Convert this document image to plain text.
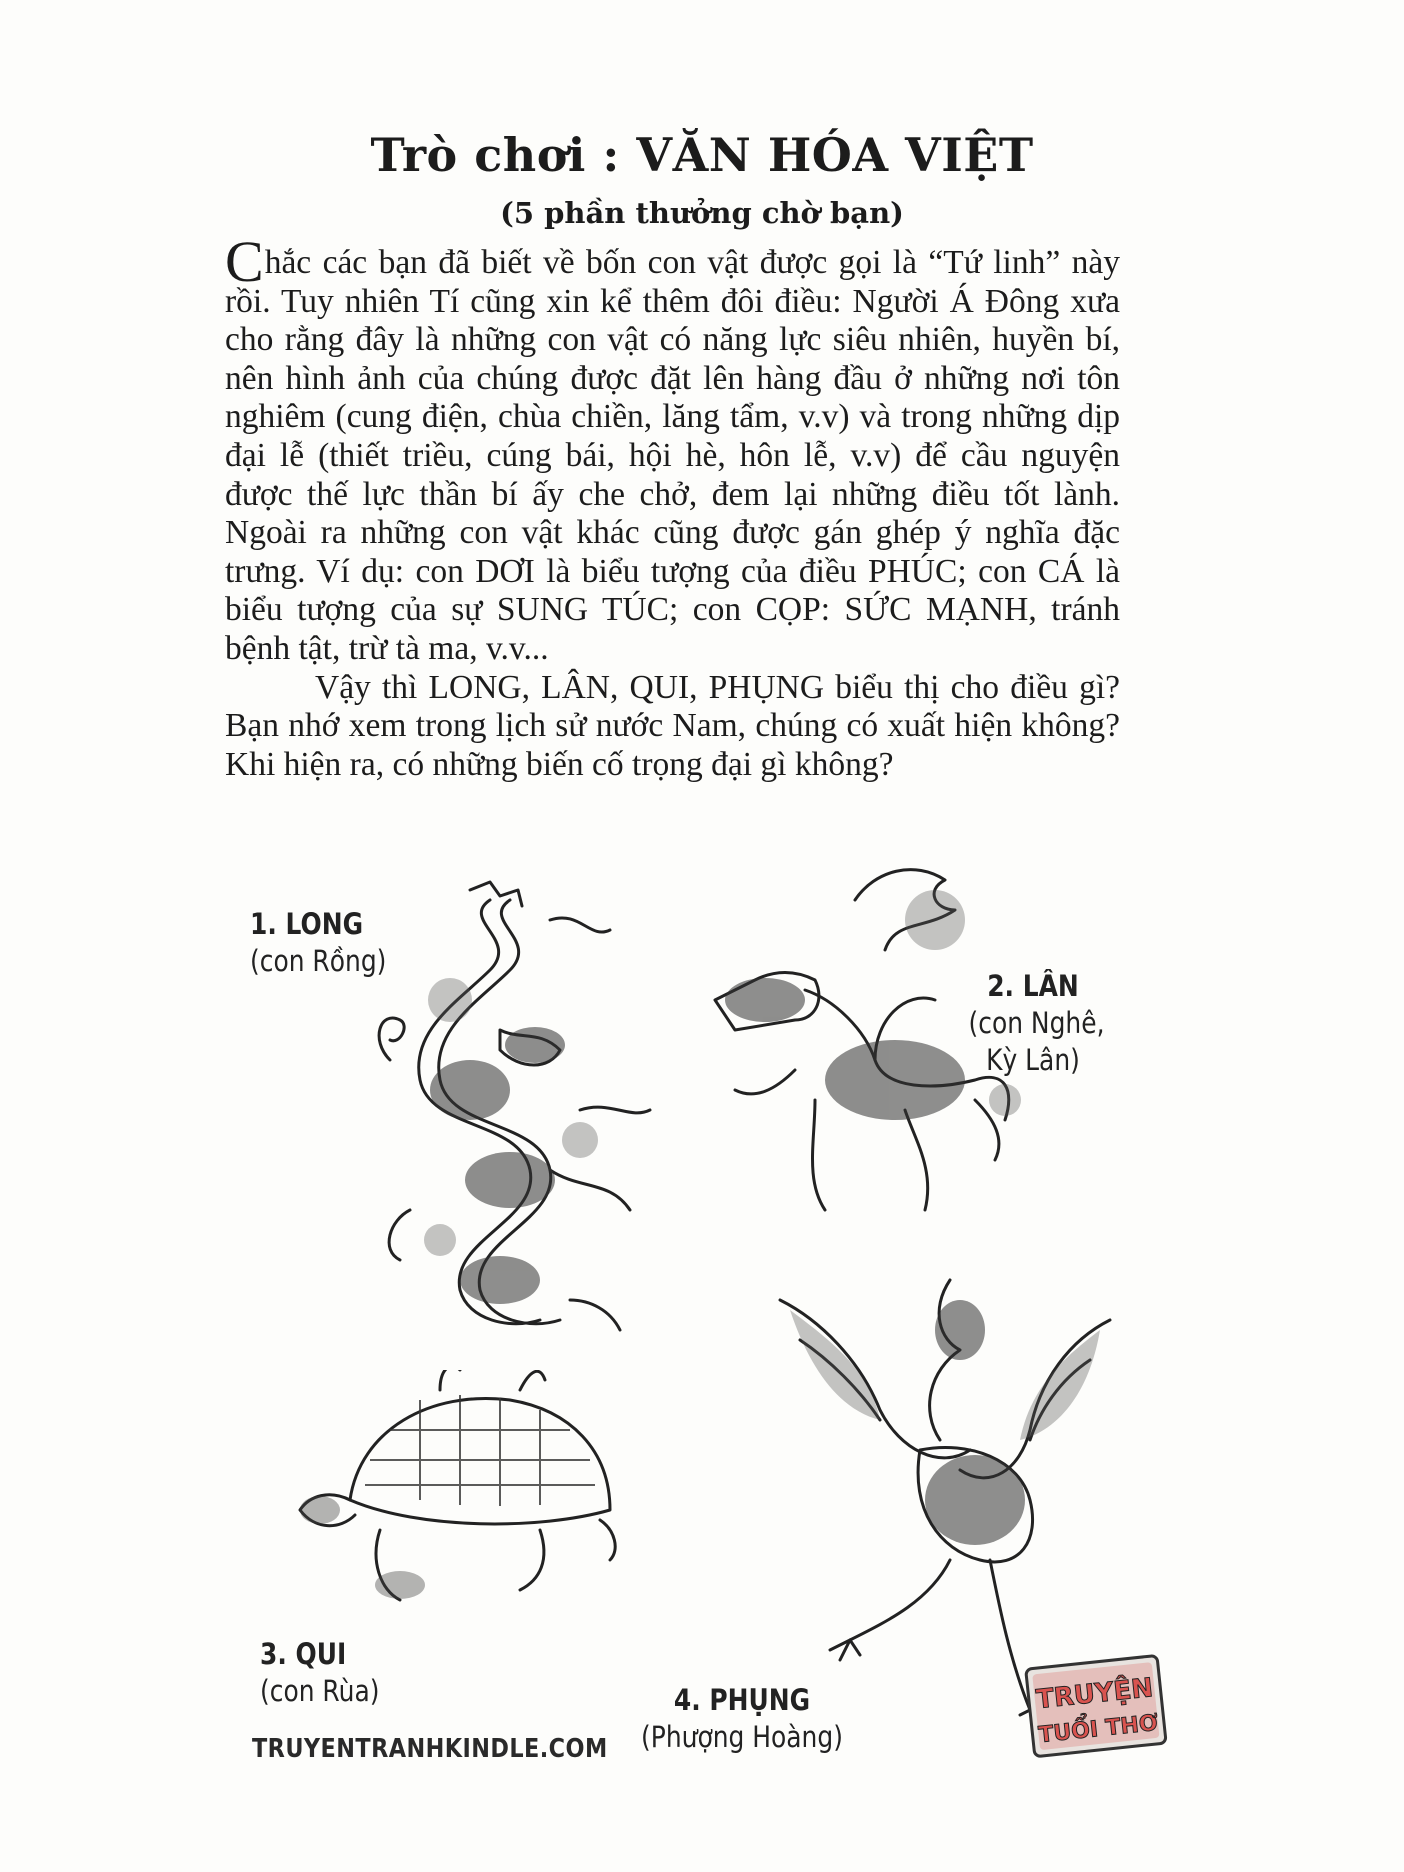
Trò chơi : VĂN HÓA VIỆT
(5 phần thưởng chờ bạn)

Chắc các bạn đã biết về bốn con vật được gọi là “Tứ linh” này rồi. Tuy nhiên Tí cũng xin kể thêm đôi điều: Người Á Đông xưa cho rằng đây là những con vật có năng lực siêu nhiên, huyền bí, nên hình ảnh của chúng được đặt lên hàng đầu ở những nơi tôn nghiêm (cung điện, chùa chiền, lăng tẩm, v.v) và trong những dịp đại lễ (thiết triều, cúng bái, hội hè, hôn lễ, v.v) để cầu nguyện được thế lực thần bí ấy che chở, đem lại những điều tốt lành. Ngoài ra những con vật khác cũng được gán ghép ý nghĩa đặc trưng. Ví dụ: con DƠI là biểu tượng của điều PHÚC; con CÁ là biểu tượng của sự SUNG TÚC; con CỌP: SỨC MẠNH, tránh bệnh tật, trừ tà ma, v.v...

Vậy thì LONG, LÂN, QUI, PHỤNG biểu thị cho điều gì? Bạn nhớ xem trong lịch sử nước Nam, chúng có xuất hiện không? Khi hiện ra, có những biến cố trọng đại gì không?

1. LONG
(con Rồng)
2. LÂN
(con Nghê,
Kỳ Lân)
3. QUI
(con Rùa)	4. PHỤNG
(Phượng Hoàng)
TRUYENTRANHKINDLE.COM
TRUYỆN
TUỔI THƠ
